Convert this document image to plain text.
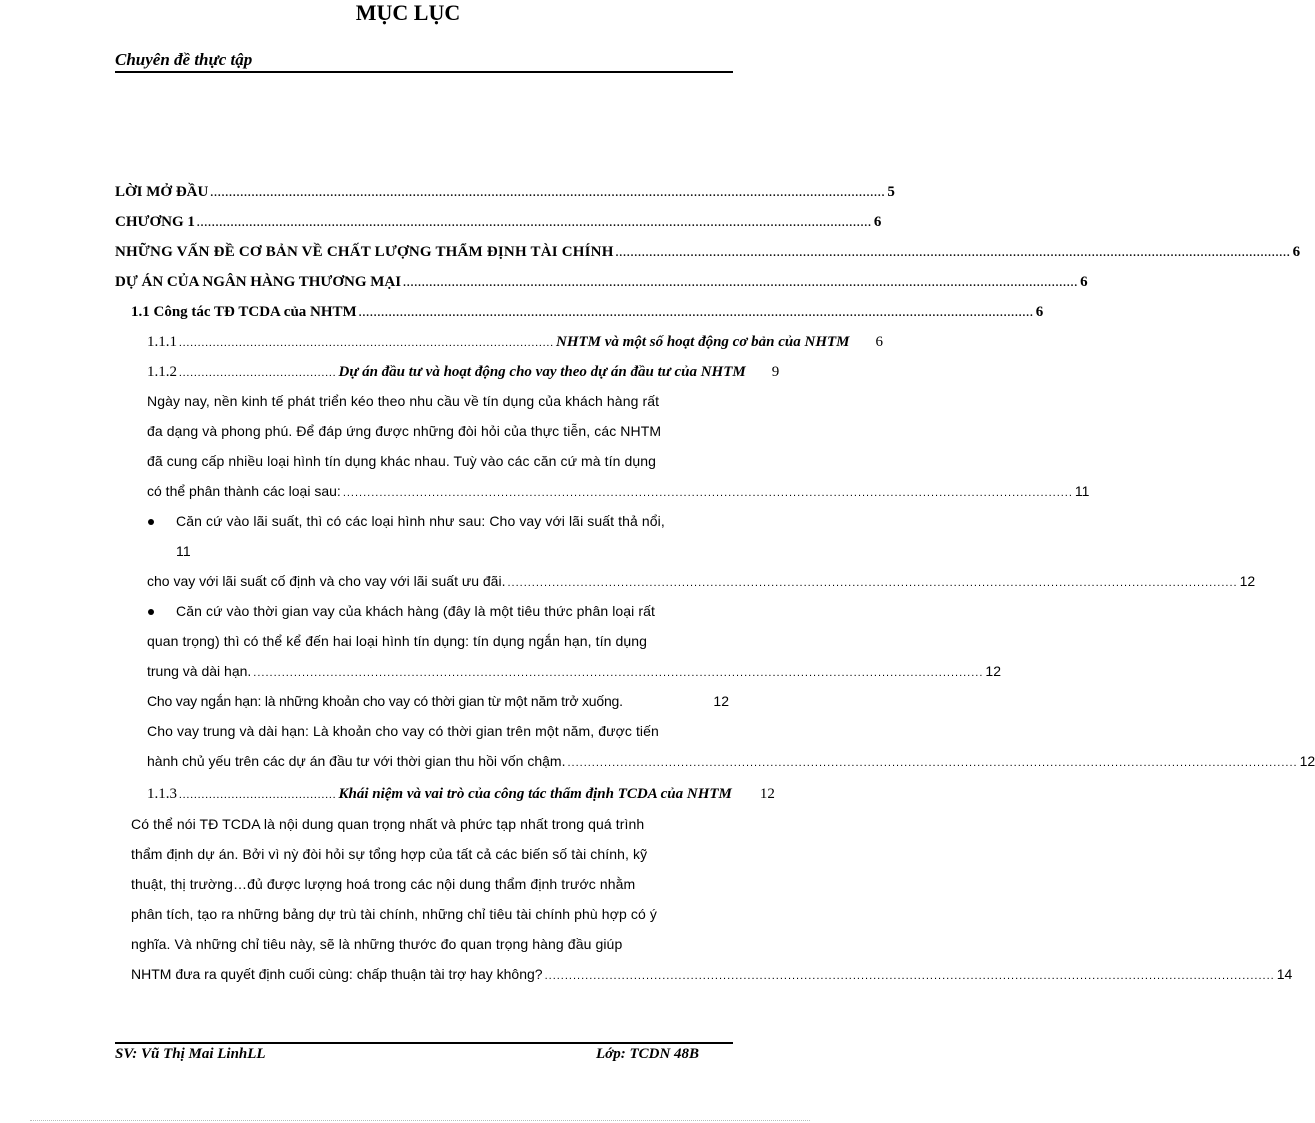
Chuyên đề thực tập
MỤC LỤC
LỜI MỞ ĐẦU .................................................................................................................................................................................... 5
CHƯƠNG 1 .................................................................................................................................................................................... 6
NHỮNG VẤN ĐỀ CƠ BẢN VỀ CHẤT LƯỢNG THẨM ĐỊNH TÀI CHÍNH .................................................................................................................................................................................... 6
DỰ ÁN CỦA NGÂN HÀNG THƯƠNG MẠI .................................................................................................................................................................................... 6
1.1 Công tác TĐ TCDA của NHTM .................................................................................................................................................................................... 6
1.1.1 .................................................................................................... NHTM và một số hoạt động cơ bản của NHTM 6
1.1.2 .......................................... Dự án đầu tư và hoạt động cho vay theo dự án đầu tư của NHTM 9
Ngày nay, nền kinh tế phát triển kéo theo nhu cầu về tín dụng của khách hàng rất
đa dạng và phong phú. Để đáp ứng được những đòi hỏi của thực tiễn, các NHTM
đã cung cấp nhiều loại hình tín dụng khác nhau. Tuỳ vào các căn cứ mà tín dụng
có thể phân thành các loại sau: .................................................................................................................................................................................... 11
Căn cứ vào lãi suất, thì có các loại hình như sau: Cho vay với lãi suất thả nổi,
11
cho vay với lãi suất cố định và cho vay với lãi suất ưu đãi. .................................................................................................................................................................................... 12
Căn cứ vào thời gian vay của khách hàng (đây là một tiêu thức phân loại rất
quan trọng) thì có thể kể đến hai loại hình tín dụng: tín dụng ngắn hạn, tín dụng
trung và dài hạn. .................................................................................................................................................................................... 12
Cho vay ngắn hạn: là những khoản cho vay có thời gian từ một năm trở xuống.	12
Cho vay trung và dài hạn: Là khoản cho vay có thời gian trên một năm, được tiến
hành chủ yếu trên các dự án đầu tư với thời gian thu hồi vốn chậm. .................................................................................................................................................................................... 12
1.1.3 .......................................... Khái niệm và vai trò của công tác thẩm định TCDA của NHTM 12
Có thể nói TĐ TCDA là nội dung quan trọng nhất và phức tạp nhất trong quá trình
thẩm định dự án. Bởi vì nỳ đòi hỏi sự tổng hợp của tất cả các biến số tài chính, kỹ
thuật, thị trường…đủ được lượng hoá trong các nội dung thẩm định trước nhằm
phân tích, tạo ra những bảng dự trù tài chính, những chỉ tiêu tài chính phù hợp có ý
nghĩa. Và những chỉ tiêu này, sẽ là những thước đo quan trọng hàng đầu giúp
NHTM đưa ra quyết định cuối cùng: chấp thuận tài trợ hay không? .................................................................................................................................................................................... 14
SV: Vũ Thị Mai LinhLL	Lớp: TCDN 48B
